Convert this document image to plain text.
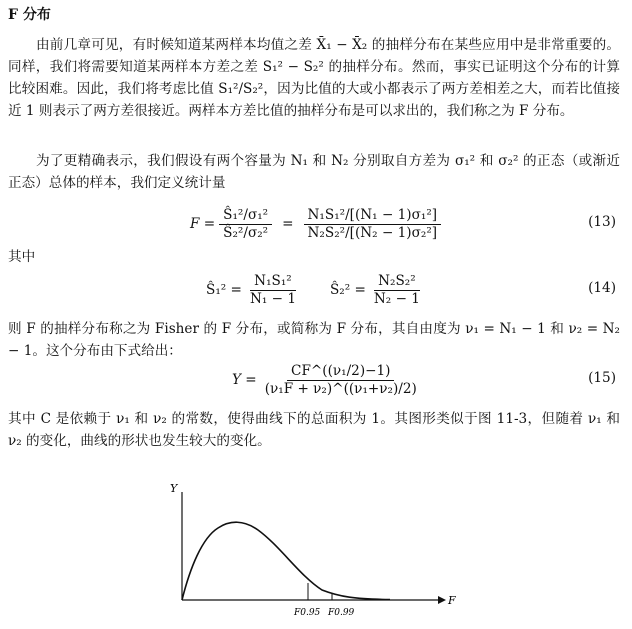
F 分布
由前几章可见，有时候知道某两样本均值之差 X̄₁ − X̄₂ 的抽样分布在某些应用中是非常重要的。同样，我们将需要知道某两样本方差之差 S₁² − S₂² 的抽样分布。然而，事实已证明这个分布的计算比较困难。因此，我们将考虑比值 S₁²/S₂²，因为比值的大或小都表示了两方差相差之大，而若比值接近 1 则表示了两方差很接近。两样本方差比值的抽样分布是可以求出的，我们称之为 F 分布。
为了更精确表示，我们假设有两个容量为 N₁ 和 N₂ 分别取自方差为 σ₁² 和 σ₂² 的正态（或渐近正态）总体的样本，我们定义统计量
$F = \frac{\text{Ŝ₁²/σ₁²}}{\text{Ŝ₂²/σ₂²}} = \frac{\text{N₁S₁²/[(N₁ − 1)σ₁²]}}{\text{N₂S₂²/[(N₂ − 1)σ₂²]}}$	(13)
其中
Ŝ₁² = $\frac{\text{N₁S₁²}}{\text{N₁ − 1}}$ Ŝ₂² = $\frac{\text{N₂S₂²}}{\text{N₂ − 1}}$	(14)
则 F 的抽样分布称之为 Fisher 的 F 分布，或简称为 F 分布，其自由度为 ν₁ = N₁ − 1 和 ν₂ = N₂ − 1。这个分布由下式给出：
$Y = \frac{\text{CF\textasciicircum{}((ν₁/2)−1)}}{\text{(ν₁F + ν₂)\textasciicircum{}((ν₁+ν₂)/2)}}$	(15)
其中 C 是依赖于 ν₁ 和 ν₂ 的常数，使得曲线下的总面积为 1。其图形类似于图 11-3，但随着 ν₁ 和 ν₂ 的变化，曲线的形状也发生较大的变化。
Y
F
F0.95 F0.99
